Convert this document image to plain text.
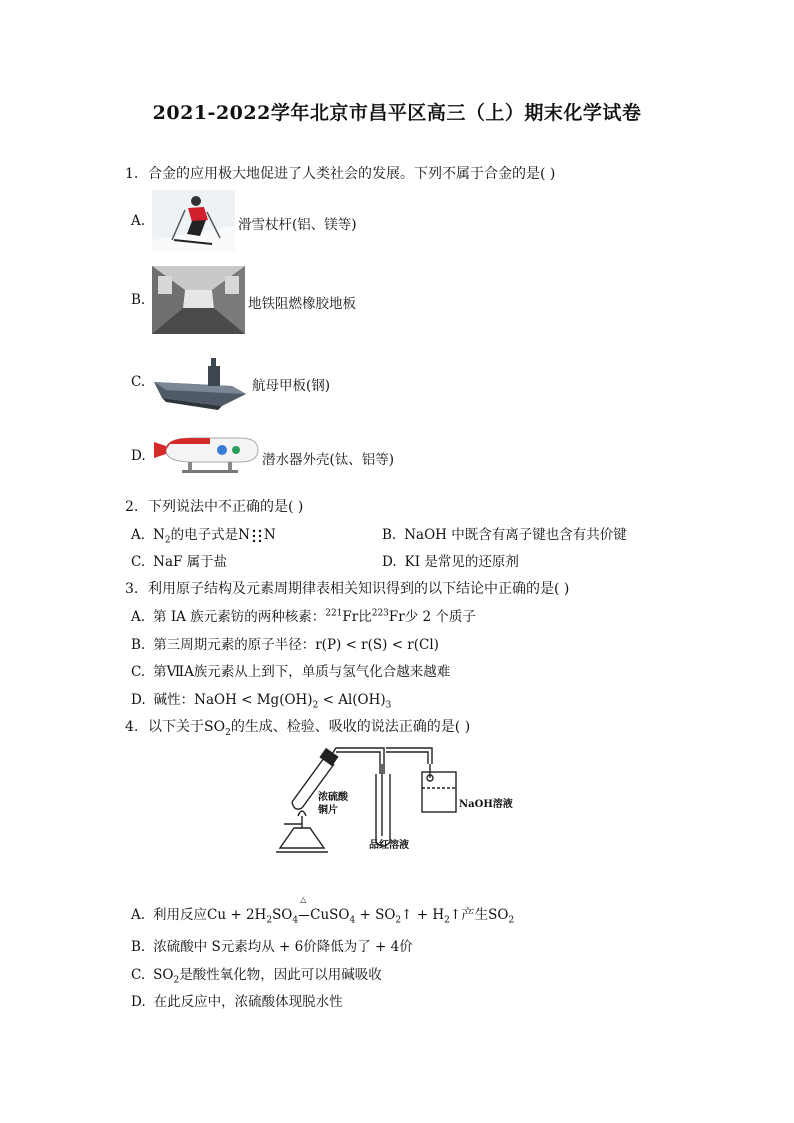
2021-2022学年北京市昌平区高三（上）期末化学试卷
1. 合金的应用极大地促进了人类社会的发展。下列不属于合金的是( )
A.	滑雪杖杆(铝、镁等)
B.	地铁阻燃橡胶地板
C.	航母甲板(钢)
D.	潜水器外壳(钛、铝等)
2. 下列说法中不正确的是( )
A. $N_2$的电子式是N N	B. NaOH 中既含有离子键也含有共价键
C. NaF 属于盐	D. KI 是常见的还原剂
3. 利用原子结构及元素周期律表相关知识得到的以下结论中正确的是( )
A. 第 IA 族元素钫的两种核素：$^{221}$Fr比$^{223}$Fr少 2 个质子
B. 第三周期元素的原子半径：r(P) < r(S) < r(Cl)
C. 第ⅦA族元素从上到下，单质与氢气化合越来越难
D. 碱性：NaOH < $Mg(OH)_2 < Al(OH)_3$
4. 以下关于$SO_2$的生成、检验、吸收的说法正确的是( )
浓硫酸
铜片
NaOH溶液
品红溶液
A. 利用反应$Cu + 2H_2SO_4$
△
CuSO$_4$ + $SO_2↑$ + $H_2↑$产生$SO_2$
B. 浓硫酸中 S元素均从 + 6价降低为了 + 4价
C. $SO_2$是酸性氧化物，因此可以用碱吸收
D. 在此反应中，浓硫酸体现脱水性
